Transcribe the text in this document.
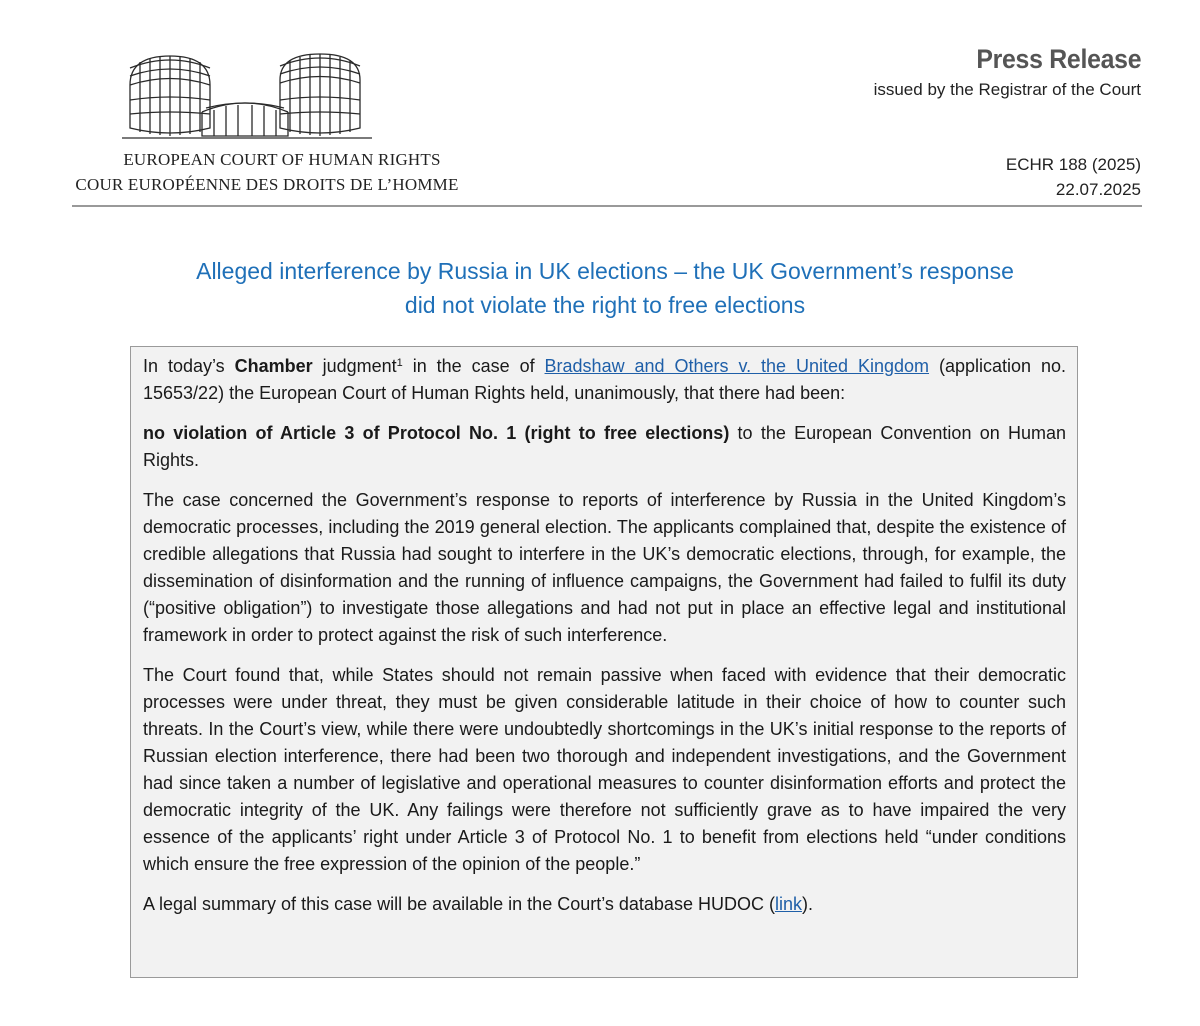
EUROPEAN COURT OF HUMAN RIGHTS
COUR EUROPÉENNE DES DROITS DE L’HOMME
Press Release
issued by the Registrar of the Court
ECHR 188 (2025)
22.07.2025
Alleged interference by Russia in UK elections – the UK Government’s response
did not violate the right to free elections

In today’s Chamber judgment$^1$ in the case of Bradshaw and Others v. the United Kingdom (application no. 15653/22) the European Court of Human Rights held, unanimously, that there had been:

no violation of Article 3 of Protocol No. 1 (right to free elections) to the European Convention on Human Rights.

The case concerned the Government’s response to reports of interference by Russia in the United Kingdom’s democratic processes, including the 2019 general election. The applicants complained that, despite the existence of credible allegations that Russia had sought to interfere in the UK’s democratic elections, through, for example, the dissemination of disinformation and the running of influence campaigns, the Government had failed to fulfil its duty (“positive obligation”) to investigate those allegations and had not put in place an effective legal and institutional framework in order to protect against the risk of such interference.

The Court found that, while States should not remain passive when faced with evidence that their democratic processes were under threat, they must be given considerable latitude in their choice of how to counter such threats. In the Court’s view, while there were undoubtedly shortcomings in the UK’s initial response to the reports of Russian election interference, there had been two thorough and independent investigations, and the Government had since taken a number of legislative and operational measures to counter disinformation efforts and protect the democratic integrity of the UK. Any failings were therefore not sufficiently grave as to have impaired the very essence of the applicants’ right under Article 3 of Protocol No. 1 to benefit from elections held “under conditions which ensure the free expression of the opinion of the people.”

A legal summary of this case will be available in the Court’s database HUDOC (link).
